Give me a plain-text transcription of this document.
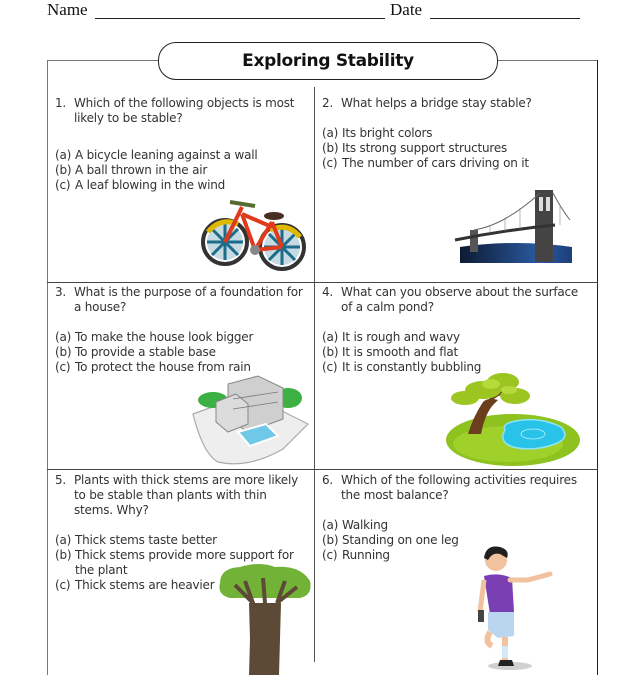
Name	Date
Exploring Stability
1. Which of the following objects is most likely to be stable?
(a) A bicycle leaning against a wall
(b) A ball thrown in the air
(c) A leaf blowing in the wind
2. What helps a bridge stay stable?
(a) Its bright colors
(b) Its strong support structures
(c) The number of cars driving on it
3. What is the purpose of a foundation for a house?
(a) To make the house look bigger
(b) To provide a stable base
(c) To protect the house from rain
4. What can you observe about the surface of a calm pond?
(a) It is rough and wavy
(b) It is smooth and flat
(c) It is constantly bubbling
5. Plants with thick stems are more likely to be stable than plants with thin stems. Why?
(a) Thick stems taste better
(b) Thick stems provide more support for the plant
(c) Thick stems are heavier
6. Which of the following activities requires the most balance?
(a) Walking
(b) Standing on one leg
(c) Running
